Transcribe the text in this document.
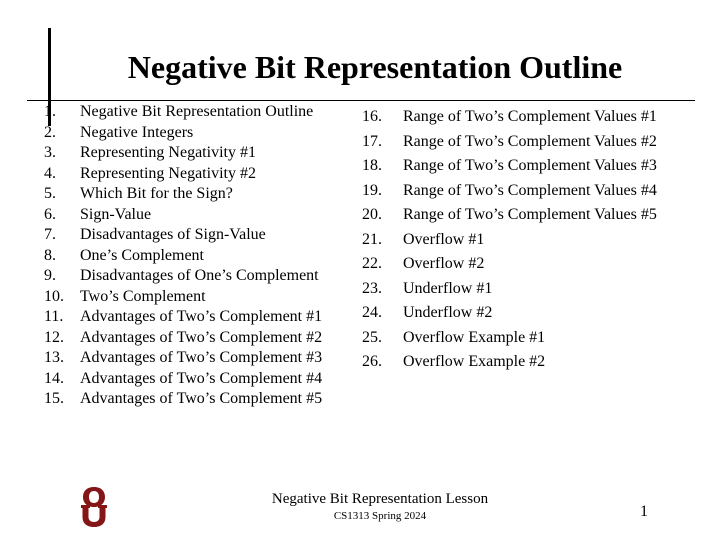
Negative Bit Representation Outline
1. Negative Bit Representation Outline
2. Negative Integers
3. Representing Negativity #1
4. Representing Negativity #2
5. Which Bit for the Sign?
6. Sign-Value
7. Disadvantages of Sign-Value
8. One’s Complement
9. Disadvantages of One’s Complement
10. Two’s Complement
11. Advantages of Two’s Complement #1
12. Advantages of Two’s Complement #2
13. Advantages of Two’s Complement #3
14. Advantages of Two’s Complement #4
15. Advantages of Two’s Complement #5
16. Range of Two’s Complement Values #1
17. Range of Two’s Complement Values #2
18. Range of Two’s Complement Values #3
19. Range of Two’s Complement Values #4
20. Range of Two’s Complement Values #5
21. Overflow #1
22. Overflow #2
23. Underflow #1
24. Underflow #2
25. Overflow Example #1
26. Overflow Example #2
Negative Bit Representation Lesson
CS1313 Spring 2024	1
